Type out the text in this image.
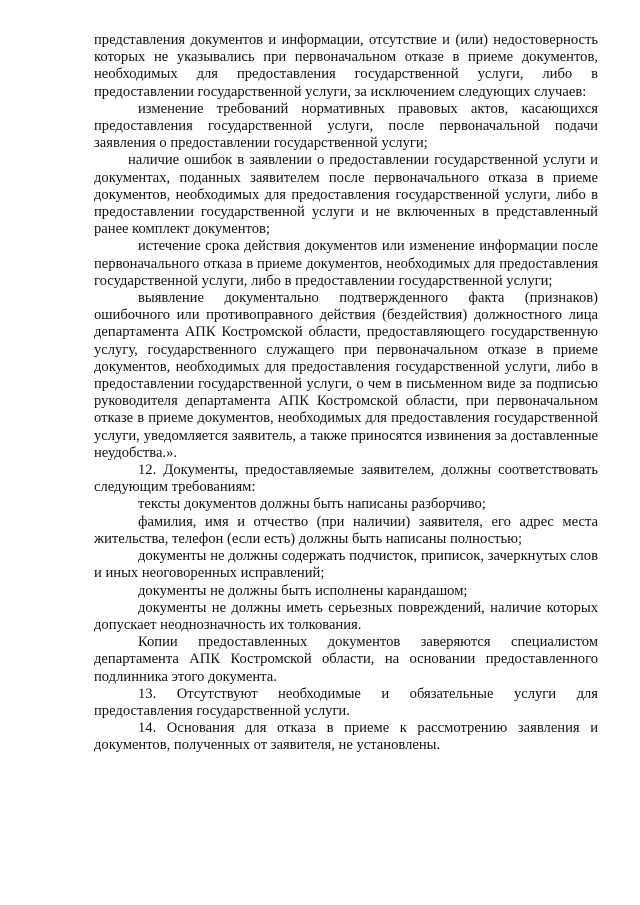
представления документов и информации, отсутствие и (или) недостоверность которых не указывались при первоначальном отказе в приеме документов, необходимых для предоставления государственной услуги, либо в предоставлении государственной услуги, за исключением следующих случаев:

изменение требований нормативных правовых актов, касающихся предоставления государственной услуги, после первоначальной подачи заявления о предоставлении государственной услуги;

наличие ошибок в заявлении о предоставлении государственной услуги и документах, поданных заявителем после первоначального отказа в приеме документов, необходимых для предоставления государственной услуги, либо в предоставлении государственной услуги и не включенных в представленный ранее комплект документов;

истечение срока действия документов или изменение информации после первоначального отказа в приеме документов, необходимых для предоставления государственной услуги, либо в предоставлении государственной услуги;

выявление документально подтвержденного факта (признаков) ошибочного или противоправного действия (бездействия) должностного лица департамента АПК Костромской области, предоставляющего государственную услугу, государственного служащего при первоначальном отказе в приеме документов, необходимых для предоставления государственной услуги, либо в предоставлении государственной услуги, о чем в письменном виде за подписью руководителя департамента АПК Костромской области, при первоначальном отказе в приеме документов, необходимых для предоставления государственной услуги, уведомляется заявитель, а также приносятся извинения за доставленные неудобства.».

12. Документы, предоставляемые заявителем, должны соответствовать следующим требованиям:

тексты документов должны быть написаны разборчиво;

фамилия, имя и отчество (при наличии) заявителя, его адрес места жительства, телефон (если есть) должны быть написаны полностью;

документы не должны содержать подчисток, приписок, зачеркнутых слов и иных неоговоренных исправлений;

документы не должны быть исполнены карандашом;

документы не должны иметь серьезных повреждений, наличие которых допускает неоднозначность их толкования.

Копии предоставленных документов заверяются специалистом департамента АПК Костромской области, на основании предоставленного подлинника этого документа.

13. Отсутствуют необходимые и обязательные услуги для предоставления государственной услуги.

14. Основания для отказа в приеме к рассмотрению заявления и документов, полученных от заявителя, не установлены.
